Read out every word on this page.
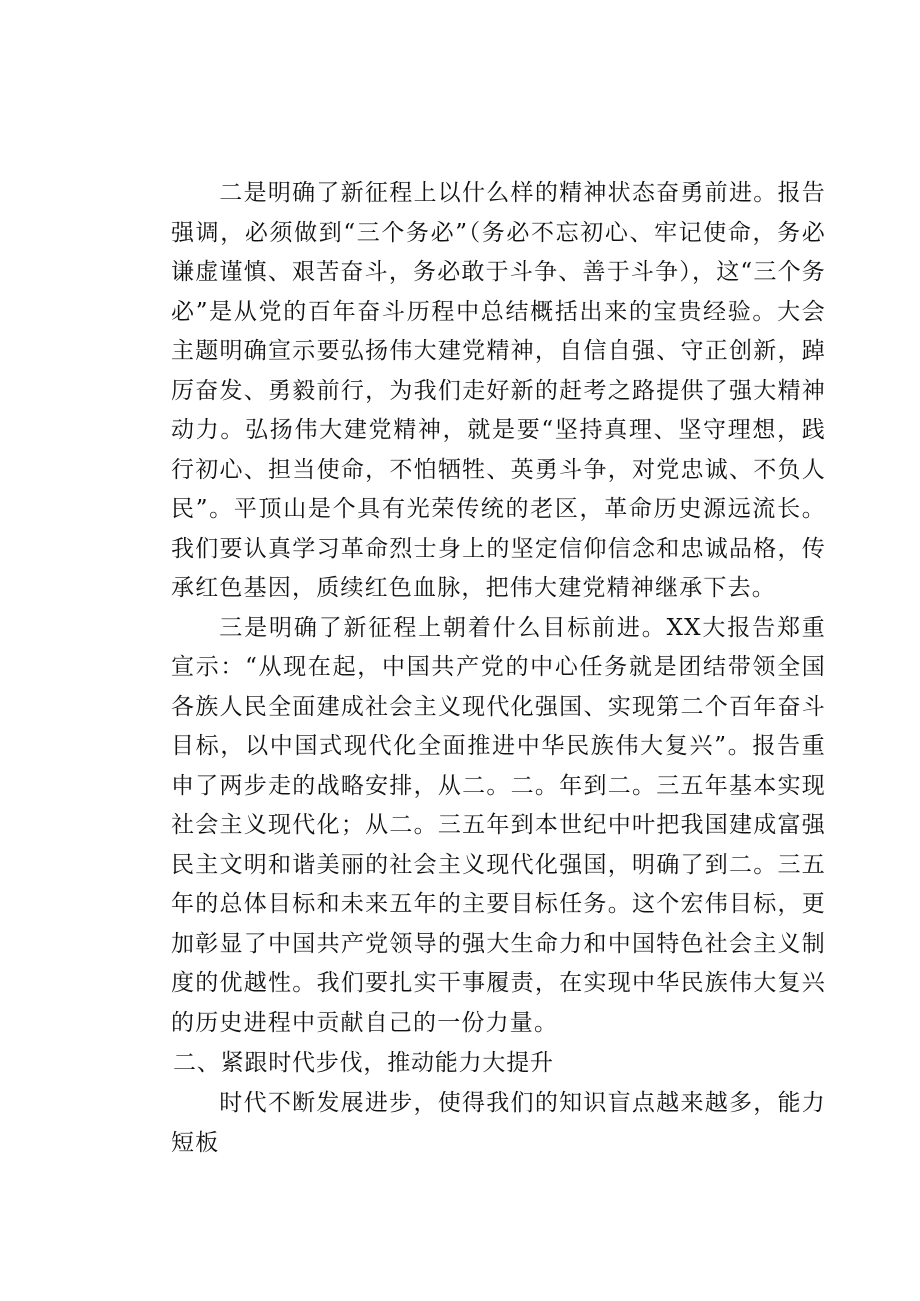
二是明确了新征程上以什么样的精神状态奋勇前进。报告强调，必须做到“三个务必”（务必不忘初心、牢记使命，务必谦虚谨慎、艰苦奋斗，务必敢于斗争、善于斗争），这“三个务必”是从党的百年奋斗历程中总结概括出来的宝贵经验。大会主题明确宣示要弘扬伟大建党精神，自信自强、守正创新，踔厉奋发、勇毅前行，为我们走好新的赶考之路提供了强大精神动力。弘扬伟大建党精神，就是要“坚持真理、坚守理想，践行初心、担当使命，不怕牺牲、英勇斗争，对党忠诚、不负人民”。平顶山是个具有光荣传统的老区，革命历史源远流长。我们要认真学习革命烈士身上的坚定信仰信念和忠诚品格，传承红色基因，质续红色血脉，把伟大建党精神继承下去。

三是明确了新征程上朝着什么目标前进。XX大报告郑重宣示：“从现在起，中国共产党的中心任务就是团结带领全国各族人民全面建成社会主义现代化强国、实现第二个百年奋斗目标，以中国式现代化全面推进中华民族伟大复兴”。报告重申了两步走的战略安排，从二。二。年到二。三五年基本实现社会主义现代化；从二。三五年到本世纪中叶把我国建成富强民主文明和谐美丽的社会主义现代化强国，明确了到二。三五年的总体目标和未来五年的主要目标任务。这个宏伟目标，更加彰显了中国共产党领导的强大生命力和中国特色社会主义制度的优越性。我们要扎实干事履责，在实现中华民族伟大复兴的历史进程中贡献自己的一份力量。

二、紧跟时代步伐，推动能力大提升

时代不断发展进步，使得我们的知识盲点越来越多，能力短板
